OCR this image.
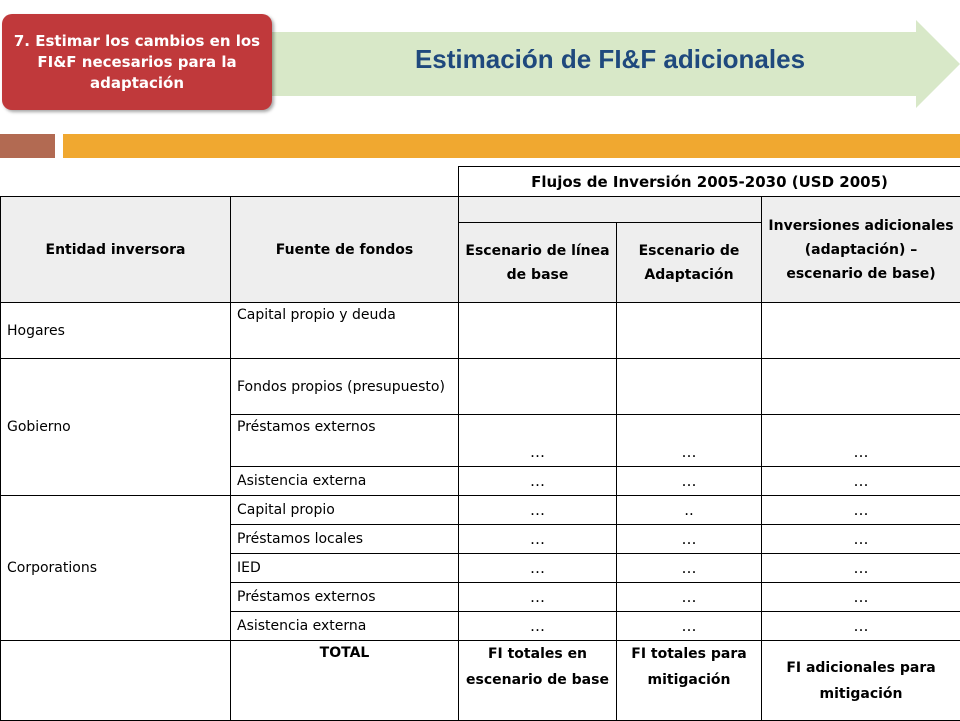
Estimación de FI&F adicionales
7. Estimar los cambios en los FI&F necesarios para la adaptación
		Flujos de Inversión 2005-2030 (USD 2005)		
Entidad inversora	Fuente de fondos			Inversiones adicionales (adaptación) – escenario de base)
		Escenario de línea de base	Escenario de Adaptación	
Hogares	Capital propio y deuda			
Gobierno	Fondos propios (presupuesto)			
	Préstamos externos	…	…	…
	Asistencia externa	…	…	…
Corporations	Capital propio	…	..	…
	Préstamos locales	…	…	…
	IED	…	…	…
	Préstamos externos	…	…	…
	Asistencia externa	…	…	…
	TOTAL	FI totales en escenario de base	FI totales para mitigación	FI adicionales para mitigación
